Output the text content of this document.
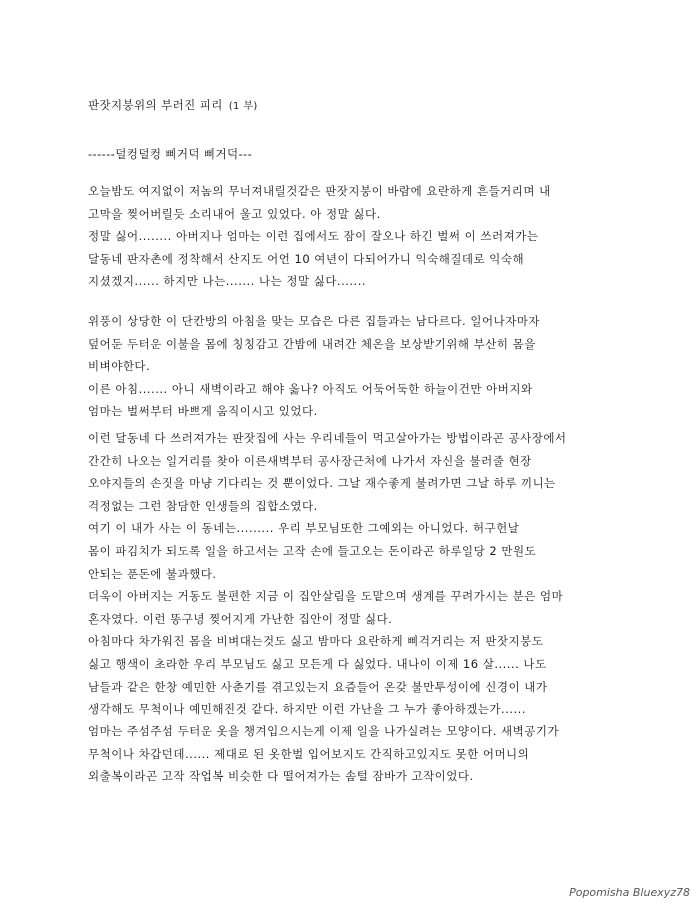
판잣지붕위의 부러진 피리 (1 부)
------덜컹덜컹 삐거덕 삐거덕---
오늘밤도 여지없이 저놈의 무너져내릴것같은 판잣지붕이 바람에 요란하게 흔들거리며 내
고막을 찢어버릴듯 소리내어 울고 있었다. 아 정말 싫다.
정말 싫어........ 아버지나 엄마는 이런 집에서도 잠이 잘오나 하긴 벌써 이 쓰러져가는
달동네 판자촌에 정착해서 산지도 어언 10 여년이 다되어가니 익숙해질데로 익숙해
지셨겠지...... 하지만 나는....... 나는 정말 싫다.......
위풍이 상당한 이 단칸방의 아침을 맞는 모습은 다른 집들과는 남다르다. 일어나자마자
덮어둔 두터운 이불을 몸에 칭칭감고 간밤에 내려간 체온을 보상받기위해 부산히 몸을
비벼야한다.
이른 아침....... 아니 새벽이라고 해야 옳나? 아직도 어둑어둑한 하늘이건만 아버지와
엄마는 벌써부터 바쁘게 움직이시고 있었다.
이런 달동네 다 쓰러져가는 판잣집에 사는 우리네들이 먹고살아가는 방법이라곤 공사장에서
간간히 나오는 일거리를 찾아 이른새벽부터 공사장근처에 나가서 자신을 불러줄 현장
오야지들의 손짓을 마냥 기다리는 것 뿐이었다. 그날 재수좋게 불려가면 그날 하루 끼니는
걱정없는 그런 참담한 인생들의 집합소였다.
여기 이 내가 사는 이 동네는......... 우리 부모님또한 그예외는 아니었다. 허구헌날
몸이 파김치가 되도록 일을 하고서는 고작 손에 들고오는 돈이라곤 하루일당 2 만원도
안되는 푼돈에 불과했다.
더욱이 아버지는 거동도 불편한 지금 이 집안살림을 도맡으며 생계를 꾸려가시는 분은 엄마
혼자였다. 이런 똥구녕 찢어지게 가난한 집안이 정말 싫다.
아침마다 차가워진 몸을 비벼대는것도 싫고 밤마다 요란하게 삐걱거리는 저 판잣지붕도
싫고 행색이 초라한 우리 부모님도 싫고 모든게 다 싫었다. 내나이 이제 16 살...... 나도
남들과 같은 한창 예민한 사춘기를 겪고있는지 요즘들어 온갖 불만투성이에 신경이 내가
생각해도 무척이나 예민해진것 같다. 하지만 이런 가난을 그 누가 좋아하겠는가......
엄마는 주섬주섬 두터운 옷을 챙겨입으시는게 이제 일을 나가실려는 모양이다. 새벽공기가
무척이나 차갑던데...... 제대로 된 옷한벌 입어보지도 간직하고있지도 못한 어머니의
외출복이라곤 고작 작업복 비슷한 다 떨어져가는 솜털 잠바가 고작이었다.
Popomisha Bluexyz78
